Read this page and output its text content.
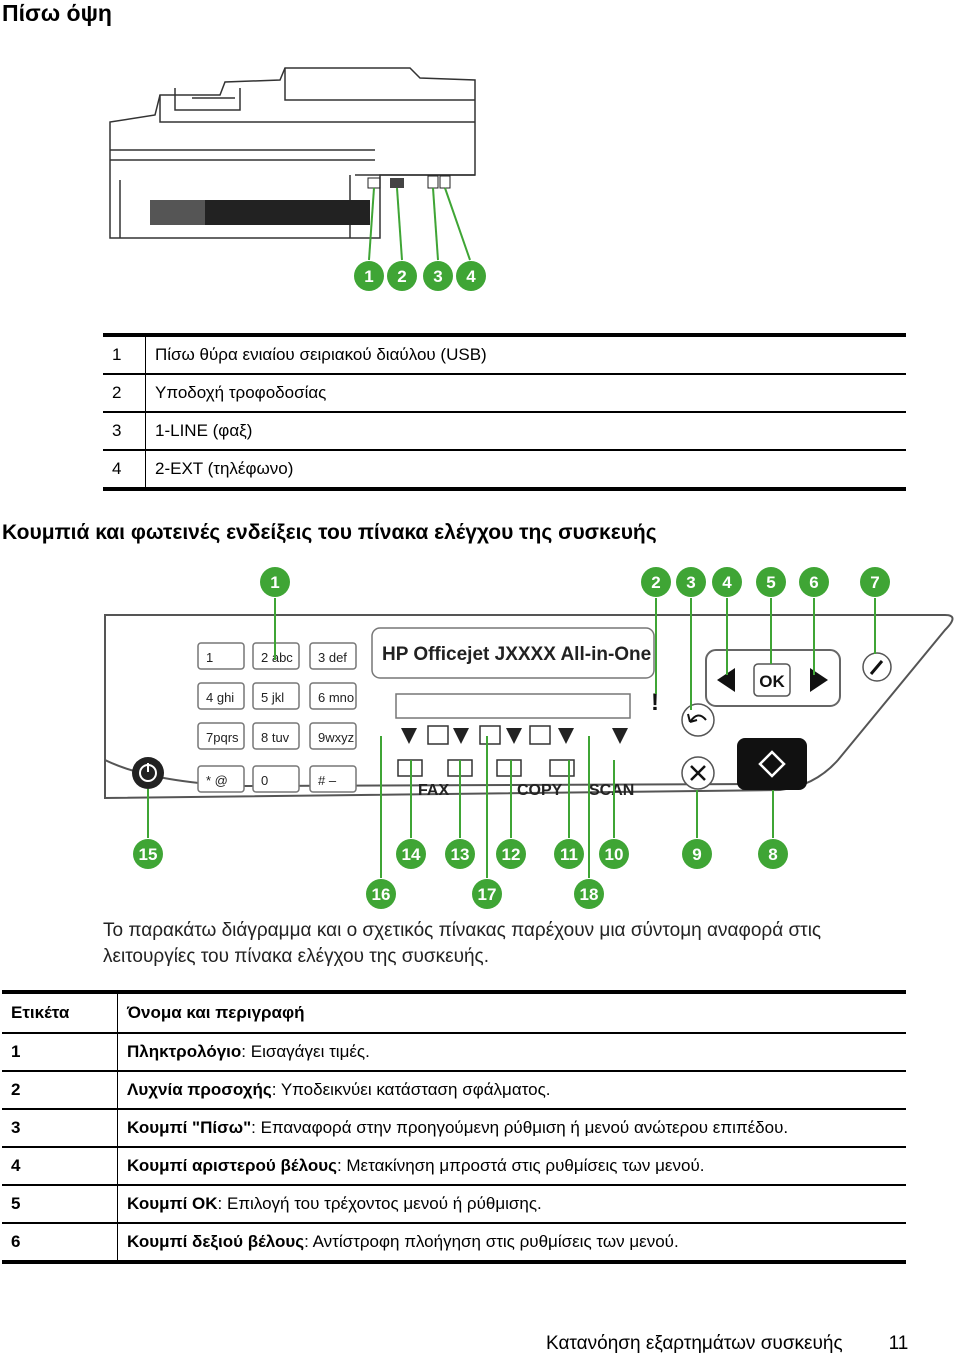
Πίσω όψη
1 2 3 4
1	Πίσω θύρα ενιαίου σειριακού διαύλου (USB)
2	Υποδοχή τροφοδοσίας
3	1-LINE (φαξ)
4	2-EXT (τηλέφωνο)
Κουμπιά και φωτεινές ενδείξεις του πίνακα ελέγχου της συσκευής
1	2 abc 3 def
4 ghi 5 jkl	6 mno
7pqrs 8 tuv 9wxyz
* @	0	# –
HP Officejet JXXXX All-in-One
FAX	COPY SCAN
!
OK
1	2 3 4 5 6	7
8
9
10
11
12
13
14
15
16	17	18
Το παρακάτω διάγραμμα και ο σχετικός πίνακας παρέχουν μια σύντομη αναφορά στις λειτουργίες του πίνακα ελέγχου της συσκευής.
Ετικέτα	Όνομα και περιγραφή
1	Πληκτρολόγιο: Εισαγάγει τιμές.
2	Λυχνία προσοχής: Υποδεικνύει κατάσταση σφάλματος.
3	Κουμπί "Πίσω": Επαναφορά στην προηγούμενη ρύθμιση ή μενού ανώτερου επιπέδου.
4	Κουμπί αριστερού βέλους: Μετακίνηση μπροστά στις ρυθμίσεις των μενού.
5	Κουμπί OK: Επιλογή του τρέχοντος μενού ή ρύθμισης.
6	Κουμπί δεξιού βέλους: Αντίστροφη πλοήγηση στις ρυθμίσεις των μενού.
Κατανόηση εξαρτημάτων συσκευής 11
